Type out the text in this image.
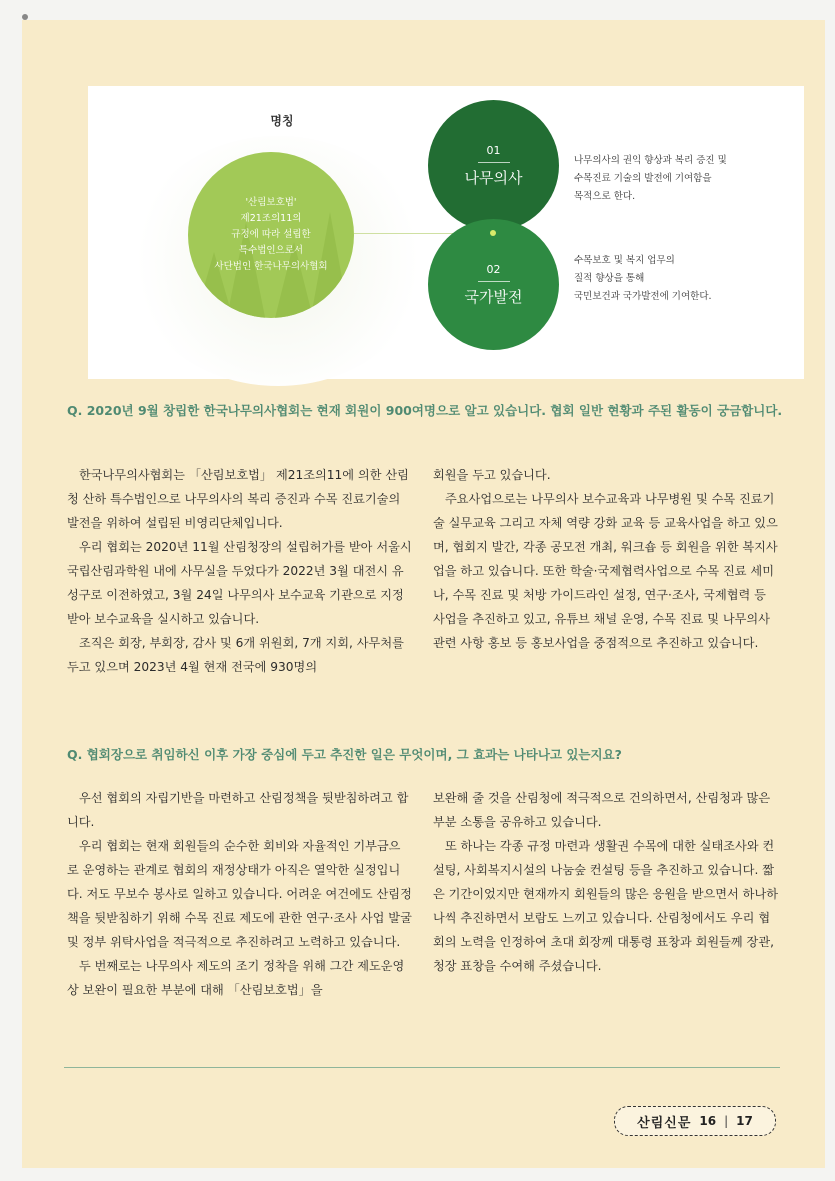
명칭
'산림보호법'
제21조의11의
규정에 따라 설립한
특수법인으로서
사단법인 한국나무의사협회
01
나무의사
02
국가발전
나무의사의 권익 향상과 복리 증진 및
수목진료 기술의 발전에 기여함을
목적으로 한다.
수목보호 및 복지 업무의
질적 향상을 통해
국민보건과 국가발전에 기여한다.
Q. 2020년 9월 창립한 한국나무의사협회는 현재 회원이 900여명으로 알고 있습니다. 협회 일반 현황과 주된 활동이 궁금합니다.

한국나무의사협회는 「산림보호법」 제21조의11에 의한 산림청 산하 특수법인으로 나무의사의 복리 증진과 수목 진료기술의 발전을 위하여 설립된 비영리단체입니다.

우리 협회는 2020년 11월 산림청장의 설립허가를 받아 서울시 국립산림과학원 내에 사무실을 두었다가 2022년 3월 대전시 유성구로 이전하였고, 3월 24일 나무의사 보수교육 기관으로 지정받아 보수교육을 실시하고 있습니다.

조직은 회장, 부회장, 감사 및 6개 위원회, 7개 지회, 사무처를 두고 있으며 2023년 4월 현재 전국에 930명의

회원을 두고 있습니다.

주요사업으로는 나무의사 보수교육과 나무병원 및 수목 진료기술 실무교육 그리고 자체 역량 강화 교육 등 교육사업을 하고 있으며, 협회지 발간, 각종 공모전 개최, 워크숍 등 회원을 위한 복지사업을 하고 있습니다. 또한 학술·국제협력사업으로 수목 진료 세미나, 수목 진료 및 처방 가이드라인 설정, 연구·조사, 국제협력 등 사업을 추진하고 있고, 유튜브 채널 운영, 수목 진료 및 나무의사 관련 사항 홍보 등 홍보사업을 중점적으로 추진하고 있습니다.

Q. 협회장으로 취임하신 이후 가장 중심에 두고 추진한 일은 무엇이며, 그 효과는 나타나고 있는지요?

우선 협회의 자립기반을 마련하고 산림정책을 뒷받침하려고 합니다.

우리 협회는 현재 회원들의 순수한 회비와 자율적인 기부금으로 운영하는 관계로 협회의 재정상태가 아직은 열악한 실정입니다. 저도 무보수 봉사로 일하고 있습니다. 어려운 여건에도 산림정책을 뒷받침하기 위해 수목 진료 제도에 관한 연구·조사 사업 발굴 및 정부 위탁사업을 적극적으로 추진하려고 노력하고 있습니다.

두 번째로는 나무의사 제도의 조기 정착을 위해 그간 제도운영 상 보완이 필요한 부분에 대해 「산림보호법」을

보완해 줄 것을 산림청에 적극적으로 건의하면서, 산림청과 많은 부분 소통을 공유하고 있습니다.

또 하나는 각종 규정 마련과 생활권 수목에 대한 실태조사와 컨설팅, 사회복지시설의 나눔숲 컨설팅 등을 추진하고 있습니다. 짧은 기간이었지만 현재까지 회원들의 많은 응원을 받으면서 하나하나씩 추진하면서 보람도 느끼고 있습니다. 산림청에서도 우리 협회의 노력을 인정하여 초대 회장께 대통령 표창과 회원들께 장관, 청장 표창을 수여해 주셨습니다.

산림신문 16 | 17
